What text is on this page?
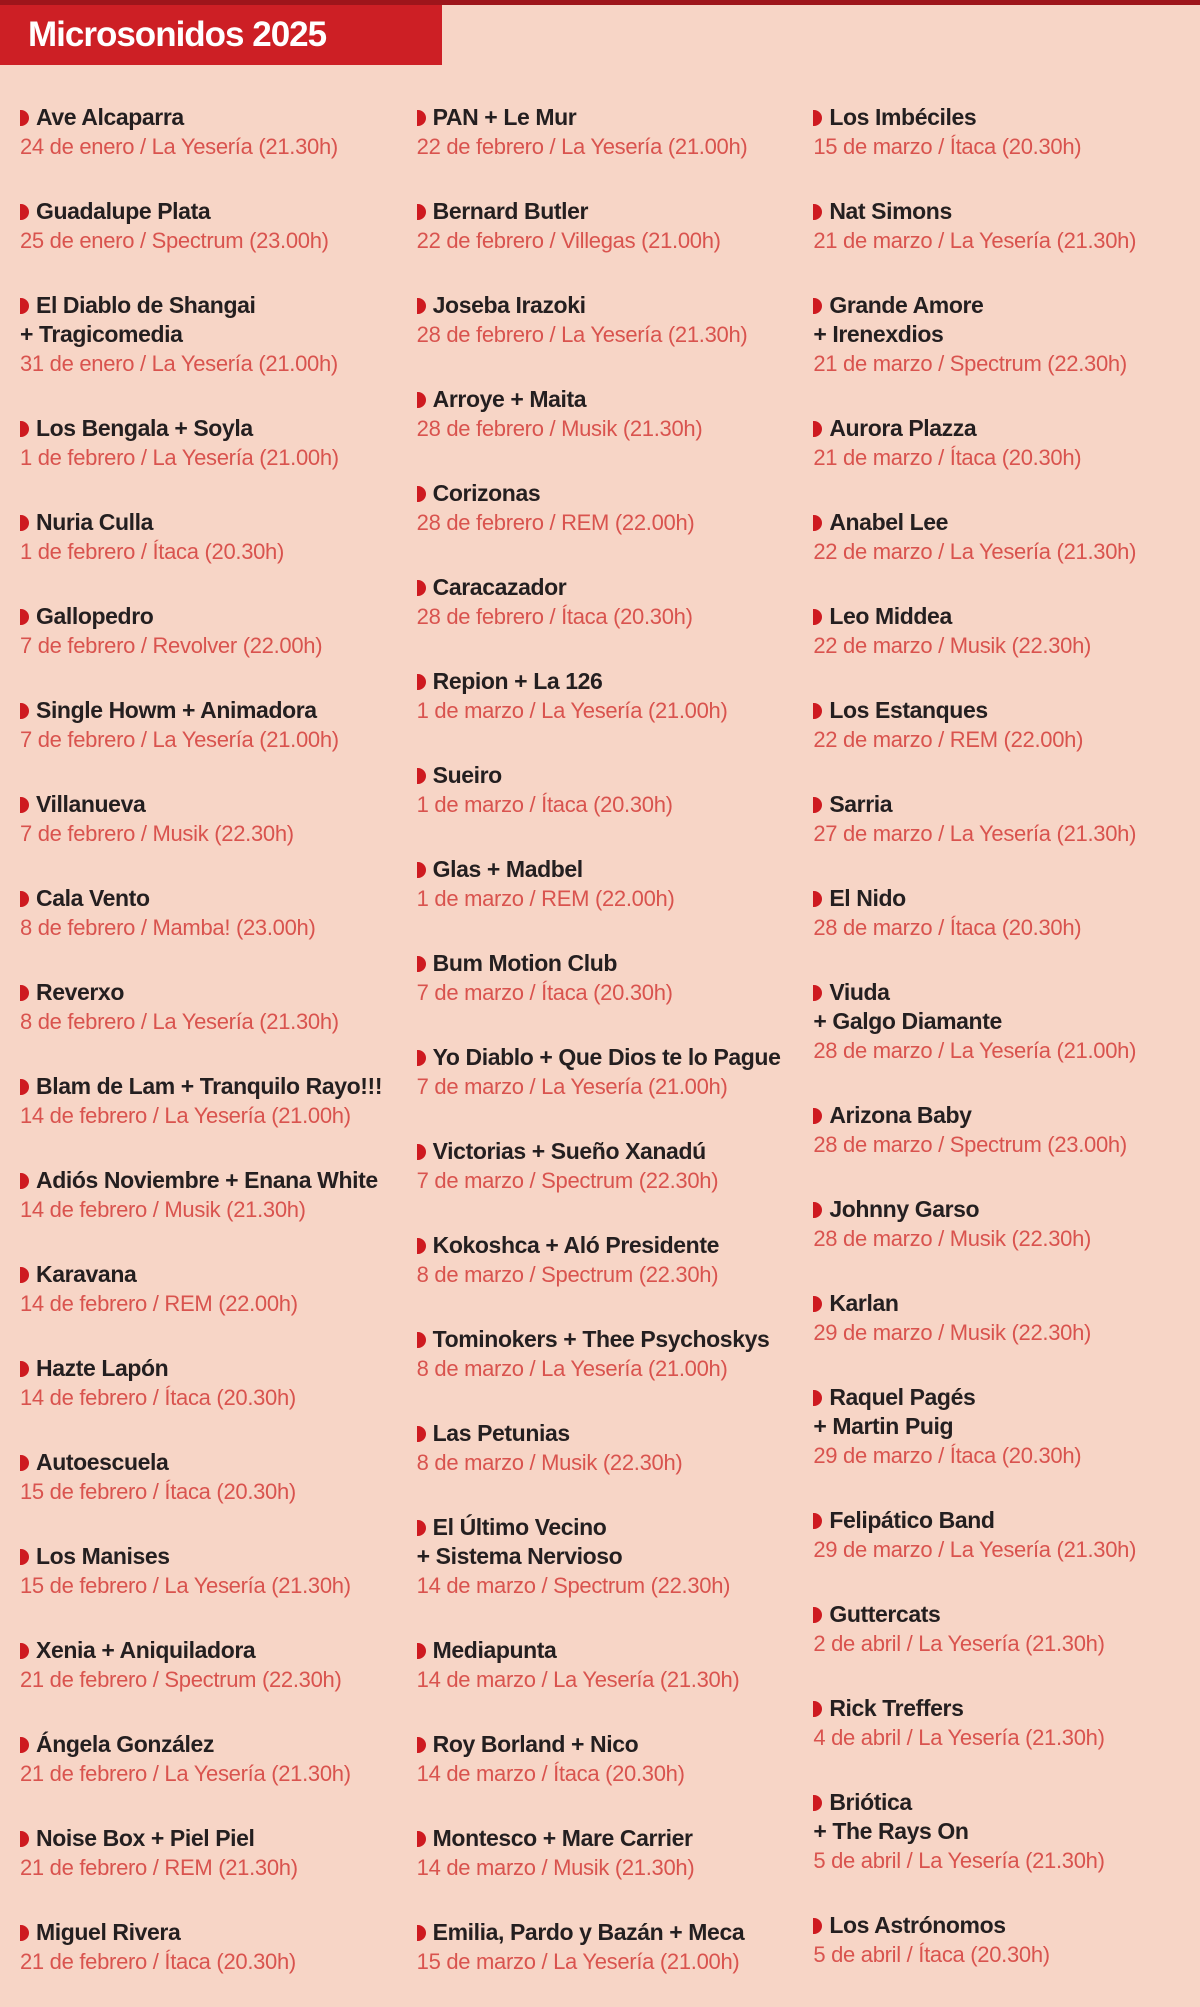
Microsonidos 2025
Ave Alcaparra
24 de enero / La Yesería (21.30h)
Guadalupe Plata
25 de enero / Spectrum (23.00h)
El Diablo de Shangai
+ Tragicomedia
31 de enero / La Yesería (21.00h)
Los Bengala + Soyla
1 de febrero / La Yesería (21.00h)
Nuria Culla
1 de febrero / Ítaca (20.30h)
Gallopedro
7 de febrero / Revolver (22.00h)
Single Howm + Animadora
7 de febrero / La Yesería (21.00h)
Villanueva
7 de febrero / Musik (22.30h)
Cala Vento
8 de febrero / Mamba! (23.00h)
Reverxo
8 de febrero / La Yesería (21.30h)
Blam de Lam + Tranquilo Rayo!!!
14 de febrero / La Yesería (21.00h)
Adiós Noviembre + Enana White
14 de febrero / Musik (21.30h)
Karavana
14 de febrero / REM (22.00h)
Hazte Lapón
14 de febrero / Ítaca (20.30h)
Autoescuela
15 de febrero / Ítaca (20.30h)
Los Manises
15 de febrero / La Yesería (21.30h)
Xenia + Aniquiladora
21 de febrero / Spectrum (22.30h)
Ángela González
21 de febrero / La Yesería (21.30h)
Noise Box + Piel Piel
21 de febrero / REM (21.30h)
Miguel Rivera
21 de febrero / Ítaca (20.30h)
PAN + Le Mur
22 de febrero / La Yesería (21.00h)
Bernard Butler
22 de febrero / Villegas (21.00h)
Joseba Irazoki
28 de febrero / La Yesería (21.30h)
Arroye + Maita
28 de febrero / Musik (21.30h)
Corizonas
28 de febrero / REM (22.00h)
Caracazador
28 de febrero / Ítaca (20.30h)
Repion + La 126
1 de marzo / La Yesería (21.00h)
Sueiro
1 de marzo / Ítaca (20.30h)
Glas + Madbel
1 de marzo / REM (22.00h)
Bum Motion Club
7 de marzo / Ítaca (20.30h)
Yo Diablo + Que Dios te lo Pague
7 de marzo / La Yesería (21.00h)
Victorias + Sueño Xanadú
7 de marzo / Spectrum (22.30h)
Kokoshca + Aló Presidente
8 de marzo / Spectrum (22.30h)
Tominokers + Thee Psychoskys
8 de marzo / La Yesería (21.00h)
Las Petunias
8 de marzo / Musik (22.30h)
El Último Vecino
+ Sistema Nervioso
14 de marzo / Spectrum (22.30h)
Mediapunta
14 de marzo / La Yesería (21.30h)
Roy Borland + Nico
14 de marzo / Ítaca (20.30h)
Montesco + Mare Carrier
14 de marzo / Musik (21.30h)
Emilia, Pardo y Bazán + Meca
15 de marzo / La Yesería (21.00h)
Los Imbéciles
15 de marzo / Ítaca (20.30h)
Nat Simons
21 de marzo / La Yesería (21.30h)
Grande Amore
+ Irenexdios
21 de marzo / Spectrum (22.30h)
Aurora Plazza
21 de marzo / Ítaca (20.30h)
Anabel Lee
22 de marzo / La Yesería (21.30h)
Leo Middea
22 de marzo / Musik (22.30h)
Los Estanques
22 de marzo / REM (22.00h)
Sarria
27 de marzo / La Yesería (21.30h)
El Nido
28 de marzo / Ítaca (20.30h)
Viuda
+ Galgo Diamante
28 de marzo / La Yesería (21.00h)
Arizona Baby
28 de marzo / Spectrum (23.00h)
Johnny Garso
28 de marzo / Musik (22.30h)
Karlan
29 de marzo / Musik (22.30h)
Raquel Pagés
+ Martin Puig
29 de marzo / Ítaca (20.30h)
Felipático Band
29 de marzo / La Yesería (21.30h)
Guttercats
2 de abril / La Yesería (21.30h)
Rick Treffers
4 de abril / La Yesería (21.30h)
Briótica
+ The Rays On
5 de abril / La Yesería (21.30h)
Los Astrónomos
5 de abril / Ítaca (20.30h)
